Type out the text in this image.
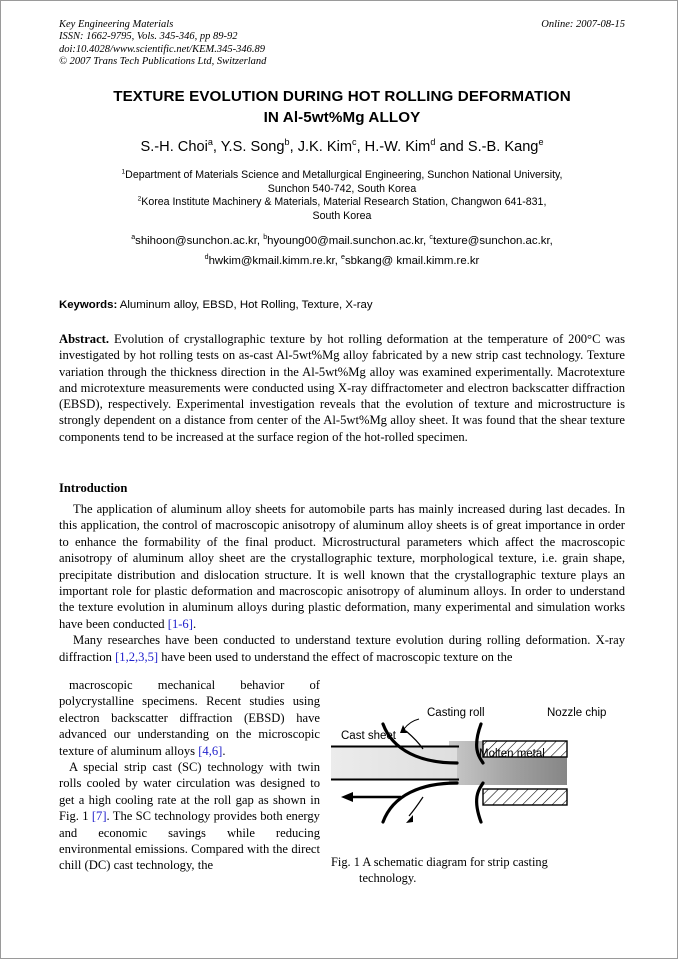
Key Engineering Materials
ISSN: 1662-9795, Vols. 345-346, pp 89-92
doi:10.4028/www.scientific.net/KEM.345-346.89
© 2007 Trans Tech Publications Ltd, Switzerland
Online: 2007-08-15
TEXTURE EVOLUTION DURING HOT ROLLING DEFORMATION
IN Al-5wt%Mg ALLOY
S.-H. Choi$^a$, Y.S. Song$^b$, J.K. Kim$^c$, H.-W. Kim$^d$ and S.-B. Kang$^e$
$^1$Department of Materials Science and Metallurgical Engineering, Sunchon National University,
Sunchon 540-742, South Korea
$^2$Korea Institute Machinery & Materials, Material Research Station, Changwon 641-831,
South Korea
$^a$shihoon@sunchon.ac.kr, $^b$hyoung00@mail.sunchon.ac.kr, $^c$texture@sunchon.ac.kr,
$^d$hwkim@kmail.kimm.re.kr, $^e$sbkang@ kmail.kimm.re.kr
Keywords: Aluminum alloy, EBSD, Hot Rolling, Texture, X-ray
Abstract. Evolution of crystallographic texture by hot rolling deformation at the temperature of 200°C was investigated by hot rolling tests on as-cast Al-5wt%Mg alloy fabricated by a new strip cast technology. Texture variation through the thickness direction in the Al-5wt%Mg alloy was examined experimentally. Macrotexture and microtexture measurements were conducted using X-ray diffractometer and electron backscatter diffraction (EBSD), respectively. Experimental investigation reveals that the evolution of texture and microstructure is strongly dependent on a distance from center of the Al-5wt%Mg alloy sheet. It was found that the shear texture components tend to be increased at the surface region of the hot-rolled specimen.
Introduction

The application of aluminum alloy sheets for automobile parts has mainly increased during last decades. In this application, the control of macroscopic anisotropy of aluminum alloy sheets is of great importance in order to enhance the formability of the final product. Microstructural parameters which affect the macroscopic anisotropy of aluminum alloy sheet are the crystallographic texture, morphological texture, i.e. grain shape, precipitate distribution and dislocation structure. It is well known that the crystallographic texture plays an important role for plastic deformation and macroscopic anisotropy of aluminum alloys. In order to understand the texture evolution in aluminum alloys during plastic deformation, many experimental and simulation works have been conducted [1-6].

Many researches have been conducted to understand texture evolution during rolling deformation. X-ray diffraction [1,2,3,5] have been used to understand the effect of macroscopic texture on the

macroscopic mechanical behavior of polycrystalline specimens. Recent studies using electron backscatter diffraction (EBSD) have advanced our understanding on the microscopic texture of aluminum alloys [4,6].

A special strip cast (SC) technology with twin rolls cooled by water circulation was designed to get a high cooling rate at the roll gap as shown in Fig. 1 [7]. The SC technology provides both energy and economic savings while reducing environmental emissions. Compared with the direct chill (DC) cast technology, the

Casting roll	Nozzle chip
Cast sheet
Molten metal
Fig. 1 A schematic diagram for strip casting
technology.
